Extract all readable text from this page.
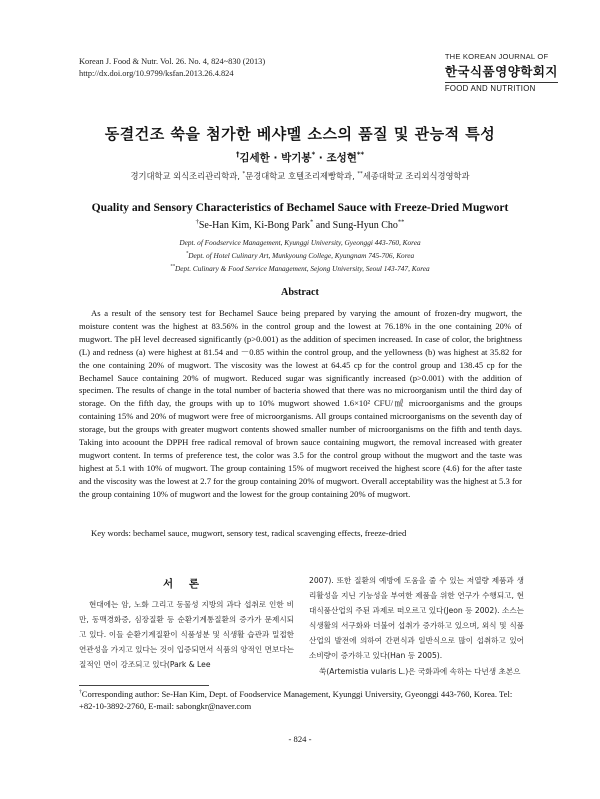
Korean J. Food & Nutr. Vol. 26. No. 4, 824~830 (2013)
http://dx.doi.org/10.9799/ksfan.2013.26.4.824
THE KOREAN JOURNAL OF
한국식품영양학회지
FOOD AND NUTRITION
동결건조 쑥을 첨가한 베샤멜 소스의 품질 및 관능적 특성
†김세한 · 박기봉* · 조성현**
경기대학교 외식조리관리학과, *문경대학교 호텔조리제빵학과, **세종대학교 조리외식경영학과
Quality and Sensory Characteristics of Bechamel Sauce with Freeze-Dried Mugwort
†Se-Han Kim, Ki-Bong Park* and Sung-Hyun Cho**
Dept. of Foodservice Management, Kyunggi University, Gyeonggi 443-760, Korea
*Dept. of Hotel Culinary Art, Munkyoung College, Kyungnam 745-706, Korea
**Dept. Culinary & Food Service Management, Sejong University, Seoul 143-747, Korea
Abstract
As a result of the sensory test for Bechamel Sauce being prepared by varying the amount of frozen-dry mugwort, the moisture content was the highest at 83.56% in the control group and the lowest at 76.18% in the one containing 20% of mugwort. The pH level decreased significantly (p>0.001) as the addition of specimen increased. In case of color, the brightness (L) and redness (a) were highest at 81.54 and －0.85 within the control group, and the yellowness (b) was highest at 35.82 for the one containing 20% of mugwort. The viscosity was the lowest at 64.45 cp for the control group and 138.45 cp for the Bechamel Sauce containing 20% of mugwort. Reduced sugar was significantly increased (p>0.001) with the addition of specimen. The results of change in the total number of bacteria showed that there was no microorganism until the third day of storage. On the fifth day, the groups with up to 10% mugwort showed 1.6×10² CFU/㎖ microorganisms and the groups containing 15% and 20% of mugwort were free of microorganisms. All groups contained microorganisms on the seventh day of storage, but the groups with greater mugwort contents showed smaller number of microorganisms on the fifth and tenth days. Taking into acoount the DPPH free radical removal of brown sauce containing mugwort, the removal increased with greater mugwort content. In terms of preference test, the color was 3.5 for the control group without the mugwort and the taste was highest at 5.1 with 10% of mugwort. The group containing 15% of mugwort received the highest score (4.6) for the after taste and the viscosity was the lowest at 2.7 for the group containing 20% of mugwort. Overall acceptability was the highest at 5.3 for the group containing 10% of mugwort and the lowest for the group containing 20% of mugwort.
Key words: bechamel sauce, mugwort, sensory test, radical scavenging effects, freeze-dried
서 론
현대에는 암, 노화 그리고 동물성 지방의 과다 섭취로 인한 비만, 동맥경화증, 심장질환 등 순환기계통질환의 증가가 문제시되고 있다. 이들 순환기계질환이 식품성분 및 식생활 습관과 밀접한 연관성을 가지고 있다는 것이 입증되면서 식품의 양적인 면보다는 질적인 면이 강조되고 있다(Park & Lee
2007). 또한 질환의 예방에 도움을 줄 수 있는 저열량 제품과 생리활성을 지닌 기능성을 부여한 제품을 위한 연구가 수행되고, 현대식품산업의 주된 과제로 떠오르고 있다(Jeon 등 2002). 소스는 식생활의 서구화와 더불어 섭취가 증가하고 있으며, 외식 및 식품산업의 발전에 의하여 간편식과 일반식으로 많이 섭취하고 있어 소비량이 증가하고 있다(Han 등 2005).
쑥(Artemistia vularis L.)은 국화과에 속하는 다년생 초본으
†Corresponding author: Se-Han Kim, Dept. of Foodservice Management, Kyunggi University, Gyeonggi 443-760, Korea. Tel: +82-10-3892-2760, E-mail: sabongkr@naver.com
- 824 -
